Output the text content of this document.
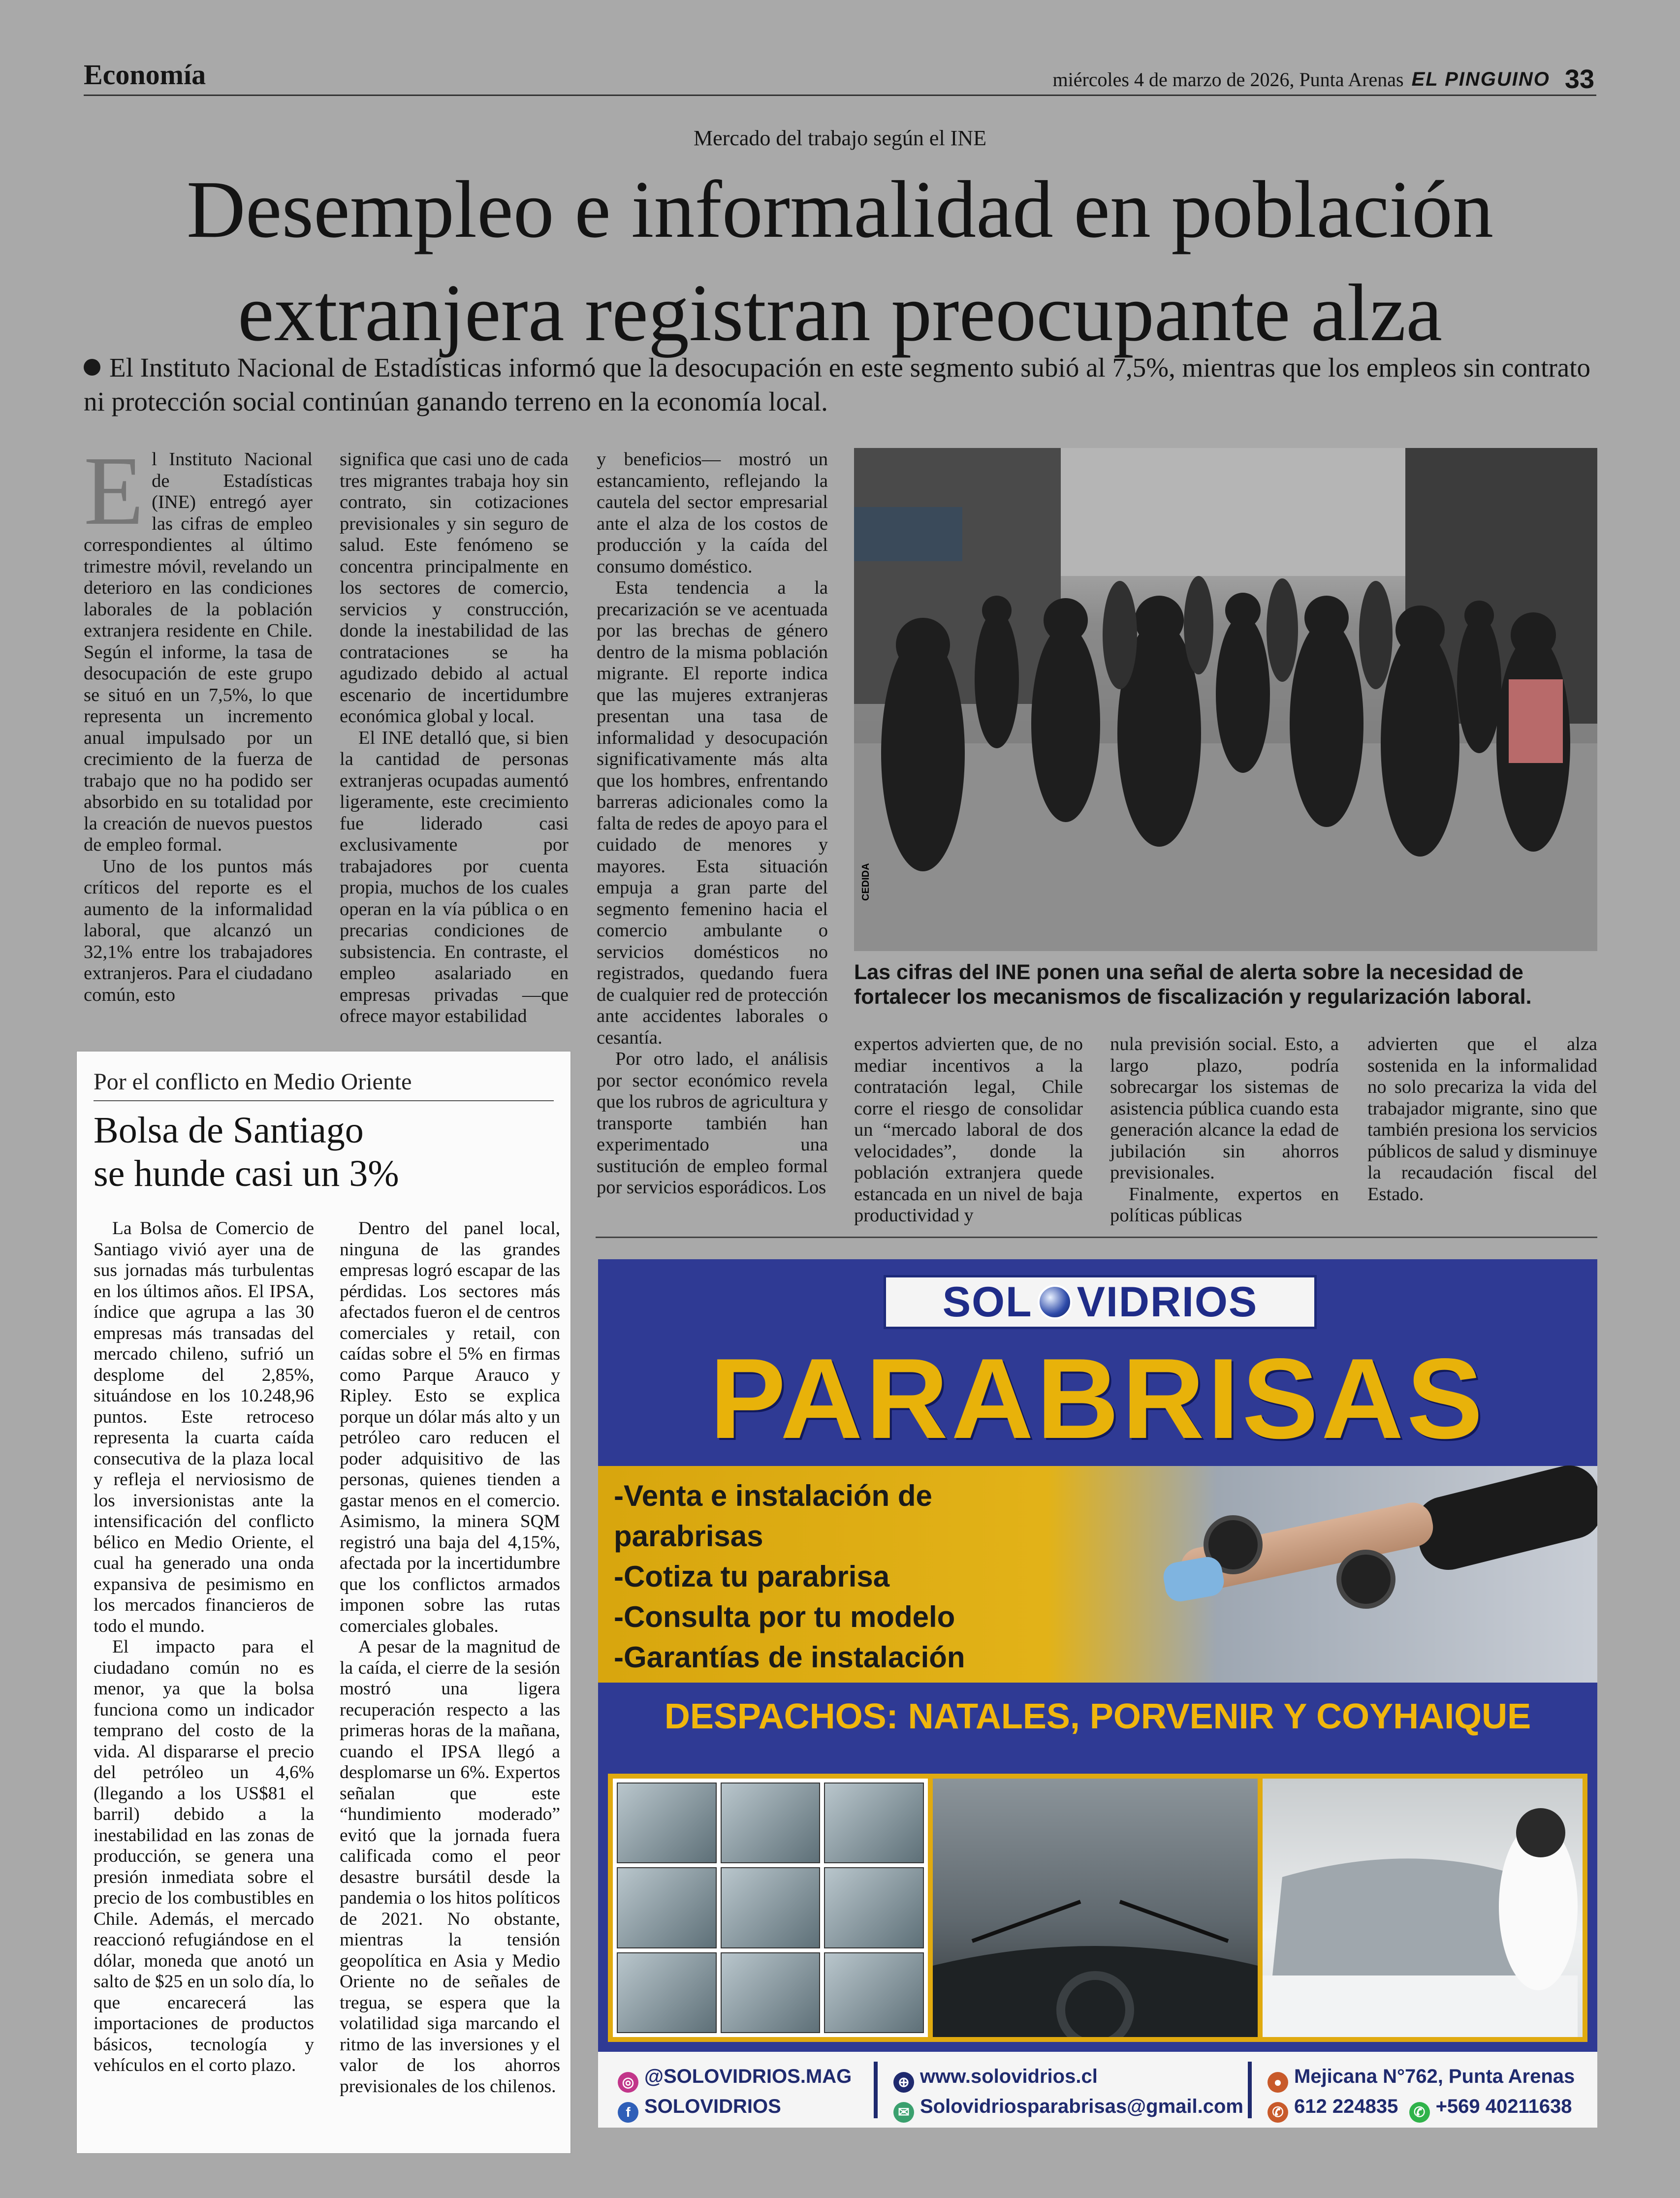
Economía	miércoles 4 de marzo de 2026, Punta Arenas EL PINGUINO 33
Mercado del trabajo según el INE
Desempleo e informalidad en población
extranjera registran preocupante alza
El Instituto Nacional de Estadísticas informó que la desocupación en este segmento subió al 7,5%, mientras que los empleos sin contrato ni protección social continúan ganando terreno en la economía local.
E l Instituto Nacional de Estadísticas (INE) entregó ayer las cifras de empleo correspondientes al último trimestre móvil, revelando un deterioro en las condiciones laborales de la población extranjera residente en Chile. Según el informe, la tasa de desocupación de este grupo se situó en un 7,5%, lo que representa un incremento anual impulsado por un crecimiento de la fuerza de trabajo que no ha podido ser absorbido en su totalidad por la creación de nuevos puestos de empleo formal.

Uno de los puntos más críticos del reporte es el aumento de la informalidad laboral, que alcanzó un 32,1% entre los trabajadores extranjeros. Para el ciudadano común, esto

significa que casi uno de cada tres migrantes trabaja hoy sin contrato, sin cotizaciones previsionales y sin seguro de salud. Este fenómeno se concentra principalmente en los sectores de comercio, servicios y construcción, donde la inestabilidad de las contrataciones se ha agudizado debido al actual escenario de incertidumbre económica global y local.

El INE detalló que, si bien la cantidad de personas extranjeras ocupadas aumentó ligeramente, este crecimiento fue liderado casi exclusivamente por trabajadores por cuenta propia, muchos de los cuales operan en la vía pública o en precarias condiciones de subsistencia. En contraste, el empleo asalariado en empresas privadas —que ofrece mayor estabilidad

y beneficios— mostró un estancamiento, reflejando la cautela del sector empresarial ante el alza de los costos de producción y la caída del consumo doméstico.

Esta tendencia a la precarización se ve acentuada por las brechas de género dentro de la misma población migrante. El reporte indica que las mujeres extranjeras presentan una tasa de informalidad y desocupación significativamente más alta que los hombres, enfrentando barreras adicionales como la falta de redes de apoyo para el cuidado de menores y mayores. Esta situación empuja a gran parte del segmento femenino hacia el comercio ambulante o servicios domésticos no registrados, quedando fuera de cualquier red de protección ante accidentes laborales o cesantía.

Por otro lado, el análisis por sector económico revela que los rubros de agricultura y transporte también han experimentado una sustitución de empleo formal por servicios esporádicos. Los

CEDIDA
Las cifras del INE ponen una señal de alerta sobre la necesidad de fortalecer los mecanismos de fiscalización y regularización laboral.

expertos advierten que, de no mediar incentivos a la contratación legal, Chile corre el riesgo de consolidar un “mercado laboral de dos velocidades”, donde la población extranjera quede estancada en un nivel de baja productividad y

nula previsión social. Esto, a largo plazo, podría sobrecargar los sistemas de asistencia pública cuando esta generación alcance la edad de jubilación sin ahorros previsionales.

Finalmente, expertos en políticas públicas

advierten que el alza sostenida en la informalidad no solo precariza la vida del trabajador migrante, sino que también presiona los servicios públicos de salud y disminuye la recaudación fiscal del Estado.

Por el conflicto en Medio Oriente
Bolsa de Santiago
se hunde casi un 3%

La Bolsa de Comercio de Santiago vivió ayer una de sus jornadas más turbulentas en los últimos años. El IPSA, índice que agrupa a las 30 empresas más transadas del mercado chileno, sufrió un desplome del 2,85%, situándose en los 10.248,96 puntos. Este retroceso representa la cuarta caída consecutiva de la plaza local y refleja el nerviosismo de los inversionistas ante la intensificación del conflicto bélico en Medio Oriente, el cual ha generado una onda expansiva de pesimismo en los mercados financieros de todo el mundo.

El impacto para el ciudadano común no es menor, ya que la bolsa funciona como un indicador temprano del costo de la vida. Al dispararse el precio del petróleo un 4,6% (llegando a los US$81 el barril) debido a la inestabilidad en las zonas de producción, se genera una presión inmediata sobre el precio de los combustibles en Chile. Además, el mercado reaccionó refugiándose en el dólar, moneda que anotó un salto de $25 en un solo día, lo que encarecerá las importaciones de productos básicos, tecnología y vehículos en el corto plazo.

Dentro del panel local, ninguna de las grandes empresas logró escapar de las pérdidas. Los sectores más afectados fueron el de centros comerciales y retail, con caídas sobre el 5% en firmas como Parque Arauco y Ripley. Esto se explica porque un dólar más alto y un petróleo caro reducen el poder adquisitivo de las personas, quienes tienden a gastar menos en el comercio. Asimismo, la minera SQM registró una baja del 4,15%, afectada por la incertidumbre que los conflictos armados imponen sobre las rutas comerciales globales.

A pesar de la magnitud de la caída, el cierre de la sesión mostró una ligera recuperación respecto a las primeras horas de la mañana, cuando el IPSA llegó a desplomarse un 6%. Expertos señalan que este “hundimiento moderado” evitó que la jornada fuera calificada como el peor desastre bursátil desde la pandemia o los hitos políticos de 2021. No obstante, mientras la tensión geopolítica en Asia y Medio Oriente no de señales de tregua, se espera que la volatilidad siga marcando el ritmo de las inversiones y el valor de los ahorros previsionales de los chilenos.

SOL VIDRIOS
PARABRISAS
-Venta e instalación de
parabrisas
-Cotiza tu parabrisa
-Consulta por tu modelo
-Garantías de instalación
DESPACHOS: NATALES, PORVENIR Y COYHAIQUE
◎ @SOLOVIDRIOS.MAG
f SOLOVIDRIOS
⊕ www.solovidrios.cl
✉ Solovidriosparabrisas@gmail.com
● Mejicana N°762, Punta Arenas
✆ 612 224835 ✆ +569 40211638
